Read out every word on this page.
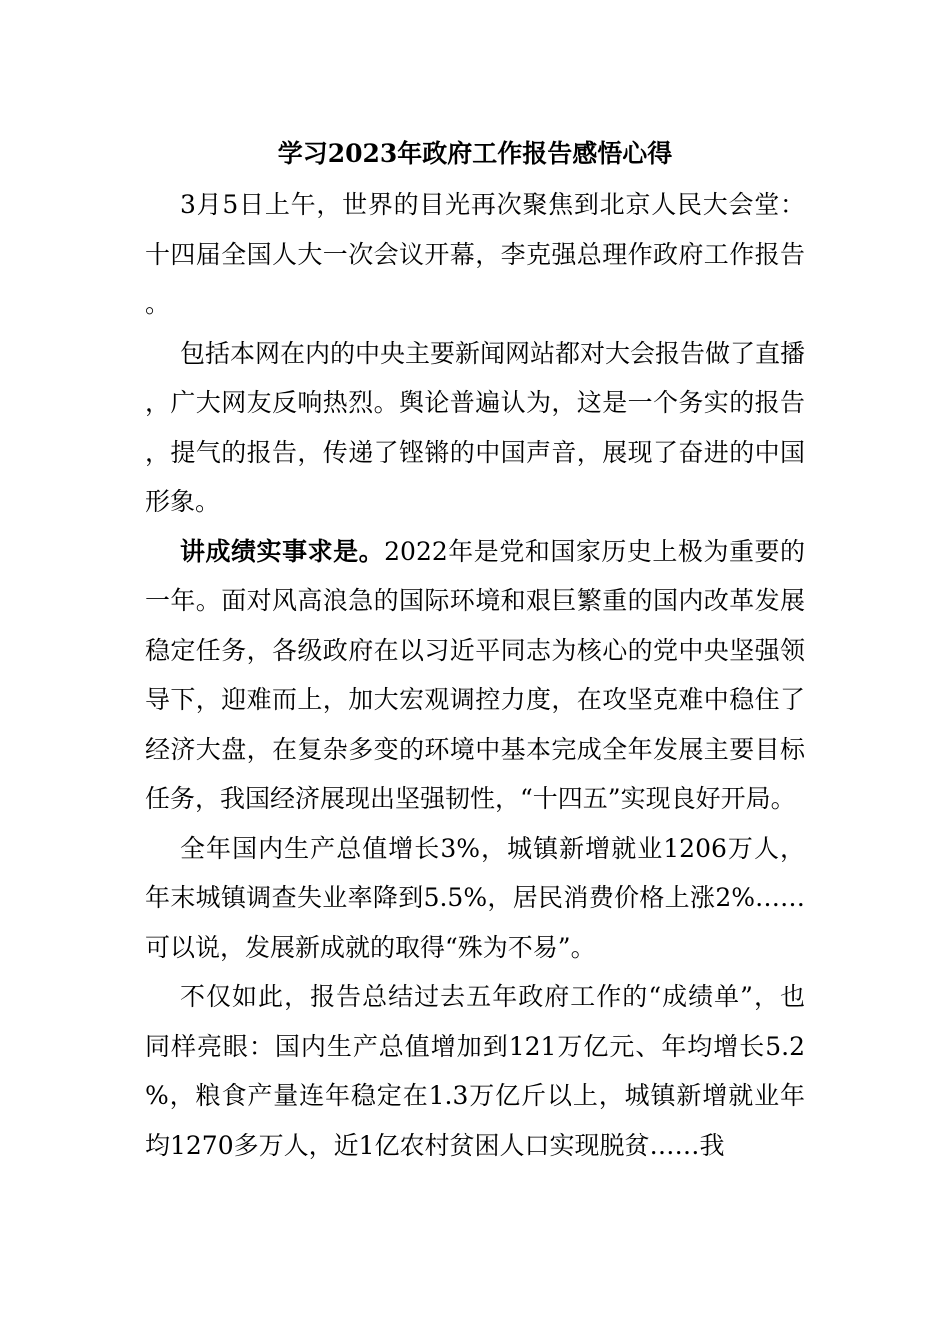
学习2023年政府工作报告感悟心得

3月5日上午，世界的目光再次聚焦到北京人民大会堂：十四届全国人大一次会议开幕，李克强总理作政府工作报告。

包括本网在内的中央主要新闻网站都对大会报告做了直播，广大网友反响热烈。舆论普遍认为，这是一个务实的报告，提气的报告，传递了铿锵的中国声音，展现了奋进的中国形象。

讲成绩实事求是。2022年是党和国家历史上极为重要的一年。面对风高浪急的国际环境和艰巨繁重的国内改革发展稳定任务，各级政府在以习近平同志为核心的党中央坚强领导下，迎难而上，加大宏观调控力度，在攻坚克难中稳住了经济大盘，在复杂多变的环境中基本完成全年发展主要目标任务，我国经济展现出坚强韧性，“十四五”实现良好开局。

全年国内生产总值增长3%，城镇新增就业1206万人，年末城镇调查失业率降到5.5%，居民消费价格上涨2%……可以说，发展新成就的取得“殊为不易”。

不仅如此，报告总结过去五年政府工作的“成绩单”，也同样亮眼：国内生产总值增加到121万亿元、年均增长5.2%，粮食产量连年稳定在1.3万亿斤以上，城镇新增就业年均1270多万人，近1亿农村贫困人口实现脱贫……我
